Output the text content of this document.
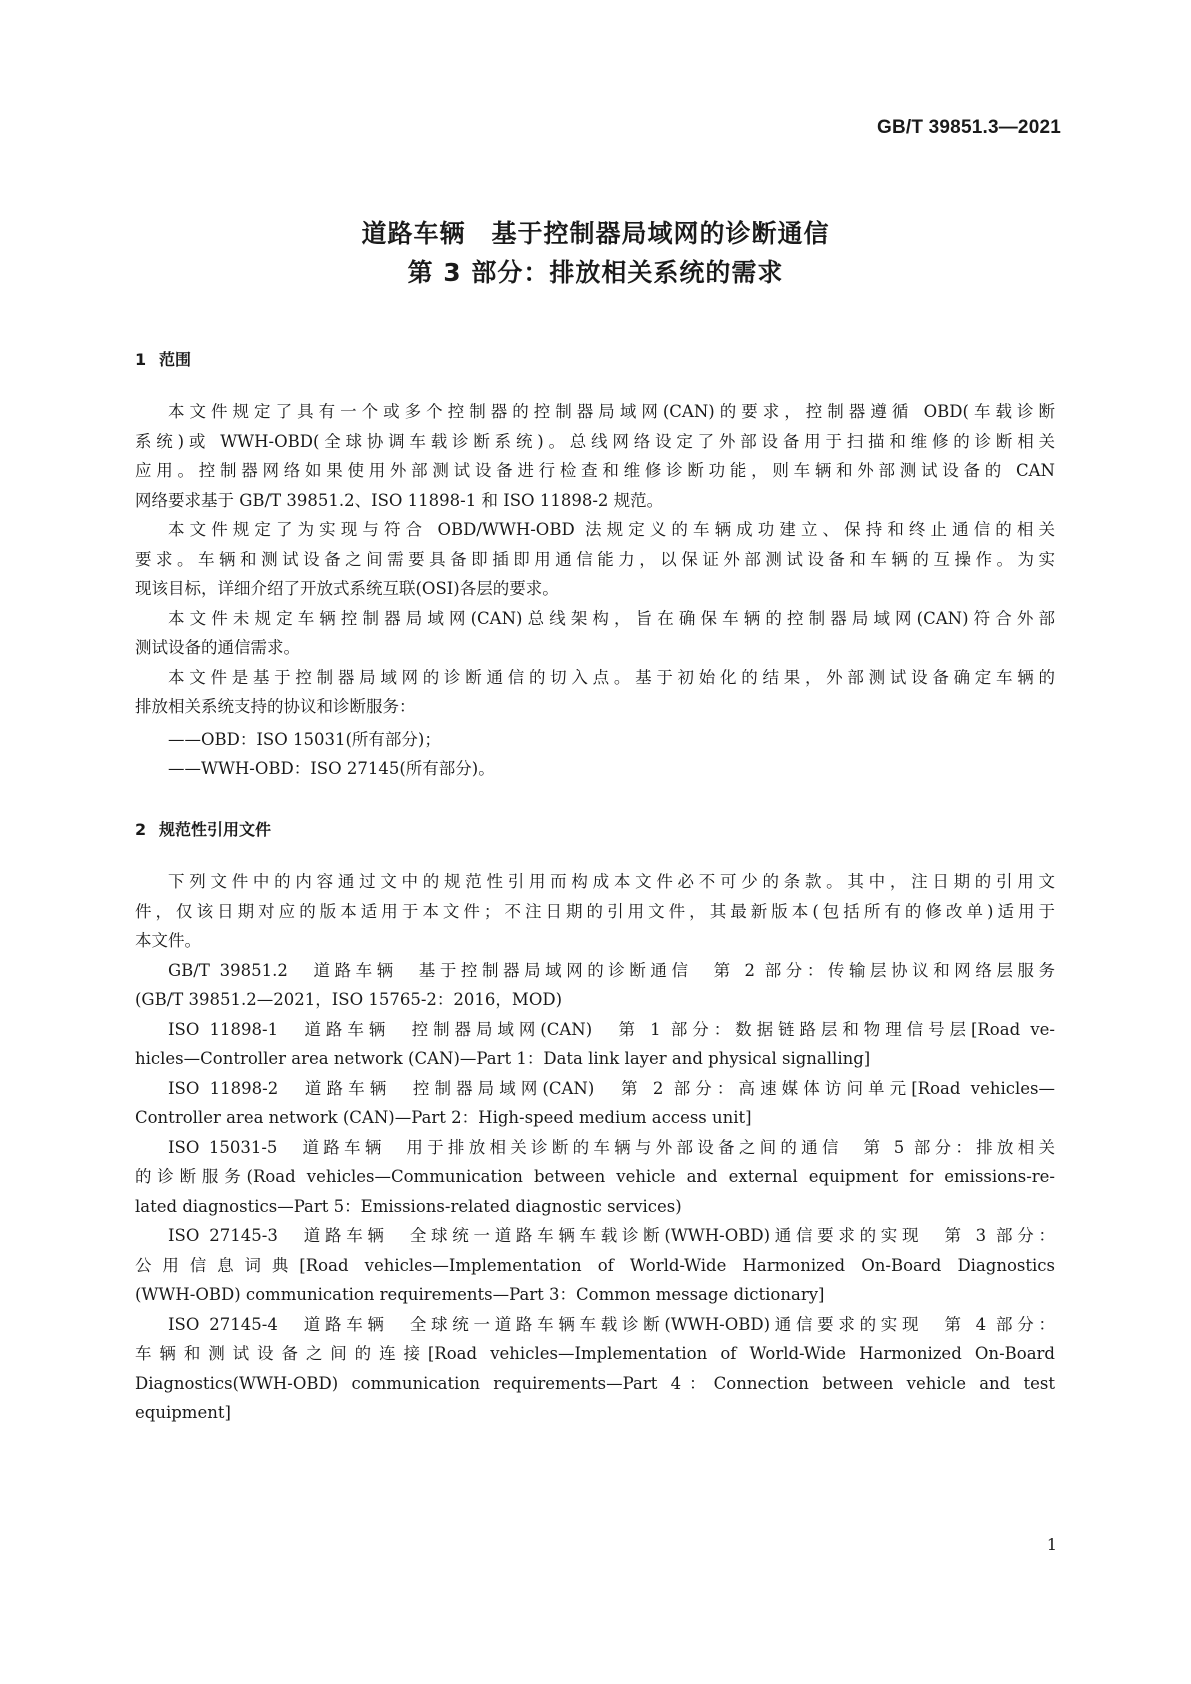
GB/T 39851.3—2021
道路车辆　基于控制器局域网的诊断通信
第 3 部分：排放相关系统的需求
1 范围
本文件规定了具有一个或多个控制器的控制器局域网(CAN)的要求，控制器遵循 OBD(车载诊断
系统)或 WWH-OBD(全球协调车载诊断系统)。总线网络设定了外部设备用于扫描和维修的诊断相关
应用。控制器网络如果使用外部测试设备进行检查和维修诊断功能，则车辆和外部测试设备的 CAN
网络要求基于 GB/T 39851.2、ISO 11898-1 和 ISO 11898-2 规范。
本文件规定了为实现与符合 OBD/WWH-OBD 法规定义的车辆成功建立、保持和终止通信的相关
要求。车辆和测试设备之间需要具备即插即用通信能力，以保证外部测试设备和车辆的互操作。为实
现该目标，详细介绍了开放式系统互联(OSI)各层的要求。
本文件未规定车辆控制器局域网(CAN)总线架构，旨在确保车辆的控制器局域网(CAN)符合外部
测试设备的通信需求。
本文件是基于控制器局域网的诊断通信的切入点。基于初始化的结果，外部测试设备确定车辆的
排放相关系统支持的协议和诊断服务：
——OBD：ISO 15031(所有部分)；
——WWH-OBD：ISO 27145(所有部分)。
2 规范性引用文件
下列文件中的内容通过文中的规范性引用而构成本文件必不可少的条款。其中，注日期的引用文
件，仅该日期对应的版本适用于本文件；不注日期的引用文件，其最新版本(包括所有的修改单)适用于
本文件。
GB/T 39851.2　道路车辆　基于控制器局域网的诊断通信　第 2 部分：传输层协议和网络层服务
(GB/T 39851.2—2021，ISO 15765-2：2016，MOD)
ISO 11898-1　道路车辆　控制器局域网(CAN)　第 1 部分：数据链路层和物理信号层[Road ve-
hicles—Controller area network (CAN)—Part 1：Data link layer and physical signalling]
ISO 11898-2　道路车辆　控制器局域网(CAN)　第 2 部分：高速媒体访问单元[Road vehicles—
Controller area network (CAN)—Part 2：High-speed medium access unit]
ISO 15031-5　道路车辆　用于排放相关诊断的车辆与外部设备之间的通信　第 5 部分：排放相关
的诊断服务(Road vehicles—Communication between vehicle and external equipment for emissions-re-
lated diagnostics—Part 5：Emissions-related diagnostic services)
ISO 27145-3　道路车辆　全球统一道路车辆车载诊断(WWH-OBD)通信要求的实现　第 3 部分：
公用信息词典[Road vehicles—Implementation of World-Wide Harmonized On-Board Diagnostics
(WWH-OBD) communication requirements—Part 3：Common message dictionary]
ISO 27145-4　道路车辆　全球统一道路车辆车载诊断(WWH-OBD)通信要求的实现　第 4 部分：
车辆和测试设备之间的连接[Road vehicles—Implementation of World-Wide Harmonized On-Board
Diagnostics(WWH-OBD) communication requirements—Part 4：Connection between vehicle and test
equipment]
1
